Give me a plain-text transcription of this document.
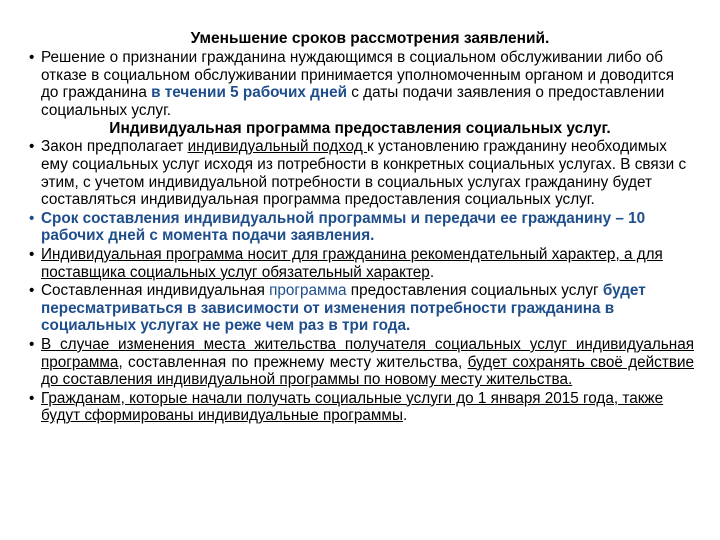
Уменьшение сроков рассмотрения заявлений.
• Решение о признании гражданина нуждающимся в социальном обслуживании либо об отказе в социальном обслуживании принимается уполномоченным органом и доводится до гражданина в течении 5 рабочих дней с даты подачи заявления о предоставлении социальных услуг.
Индивидуальная программа предоставления социальных услуг.
• Закон предполагает индивидуальный подход к установлению гражданину необходимых ему социальных услуг исходя из потребности в конкретных социальных услугах. В связи с этим, с учетом индивидуальной потребности в социальных услугах гражданину будет составляться индивидуальная программа предоставления социальных услуг.
• Срок составления индивидуальной программы и передачи ее гражданину – 10 рабочих дней с момента подачи заявления.
• Индивидуальная программа носит для гражданина рекомендательный характер, а для поставщика социальных услуг обязательный характер.
• Составленная индивидуальная программа предоставления социальных услуг будет пересматриваться в зависимости от изменения потребности гражданина в социальных услугах не реже чем раз в три года.
• В случае изменения места жительства получателя социальных услуг индивидуальная программа, составленная по прежнему месту жительства, будет сохранять своё действие до составления индивидуальной программы по новому месту жительства.
• Гражданам, которые начали получать социальные услуги до 1 января 2015 года, также будут сформированы индивидуальные программы.
